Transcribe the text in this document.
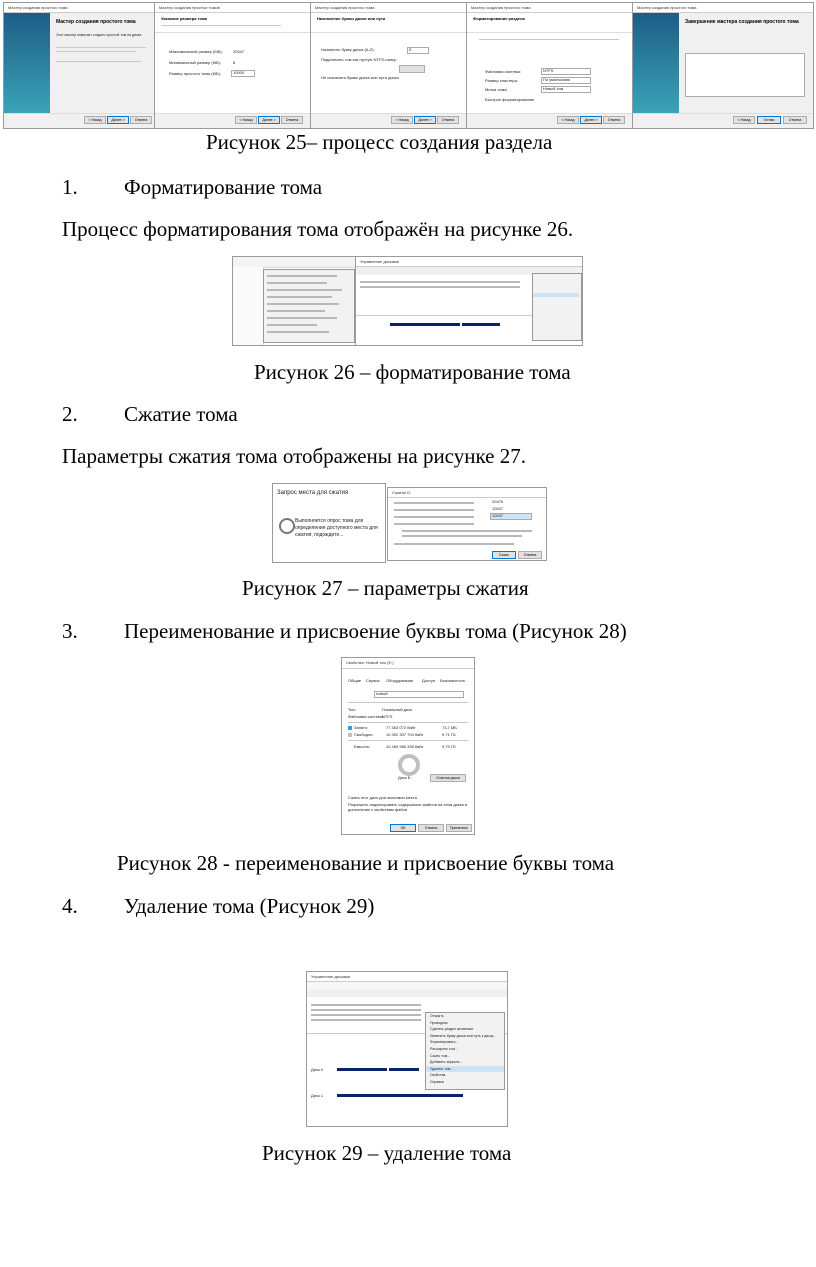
Мастер создания простого тома
Мастер создания простого тома
Этот мастер помогает создать простой том на диске.
< Назад	Далее >	Отмена
Мастер создания простых томов
Указание размера тома
Максимальный размер (МБ):	20047
Минимальный размер (МБ):	8
Размер простого тома (МБ):	10000
< Назад	Далее >	Отмена
Мастер создания простого тома
Назначение буквы диска или пути
Назначить букву диска (A-Z):	E
Подключить том как пустую NTFS-папку:
Не назначать буквы диска или пути диска
< Назад	Далее >	Отмена
Мастер создания простого тома
Форматирование раздела
Файловая система:	NTFS
Размер кластера:	По умолчанию
Метка тома:	Новый том
Быстрое форматирование
< Назад	Далее >	Отмена
Мастер создания простого тома
Завершение мастера создания простого тома
< Назад	Готово	Отмена
Рисунок 25– процесс создания раздела
1. Форматирование тома
Процесс форматирования тома отображён на рисунке 26.
Управление дисками
Рисунок 26 – форматирование тома
2. Сжатие тома
Параметры сжатия тома отображены на рисунке 27.
Запрос места для сжатия
Выполняется опрос тома для определения доступного места для сжатия, подождите...
Сжатие D:
20476
10047
10047
Сжать	Отмена
Рисунок 27 – параметры сжатия
3. Переименование и присвоение буквы тома (Рисунок 28)
Свойства: Новый том (E:)
Общие Сервис Оборудование Доступ Безопасность
новый
Тип:	Локальный диск
Файловая система:
NTFS
Занято:	77 363 072 байт	73,7 МБ
Свободно:	10 392 307 704 байт	9,71 ГБ
Емкость:	10 469 966 336 байт	9,75 ГБ
Диск Е:	Очистка диска
Сжать этот диск для экономии места
Разрешить индексировать содержимое файлов на этом диске в дополнение к свойствам файла
ОК	Отмена	Применить
Рисунок 28 - переименование и присвоение буквы тома
4. Удаление тома (Рисунок 29)
Управление дисками
Диск 0
Диск 1
Открыть
Проводник
Сделать раздел активным
Изменить букву диска или путь к диску...
Форматировать...
Расширить том...
Сжать том...
Добавить зеркало...
Удалить том...
Свойства
Справка
Рисунок 29 – удаление тома
